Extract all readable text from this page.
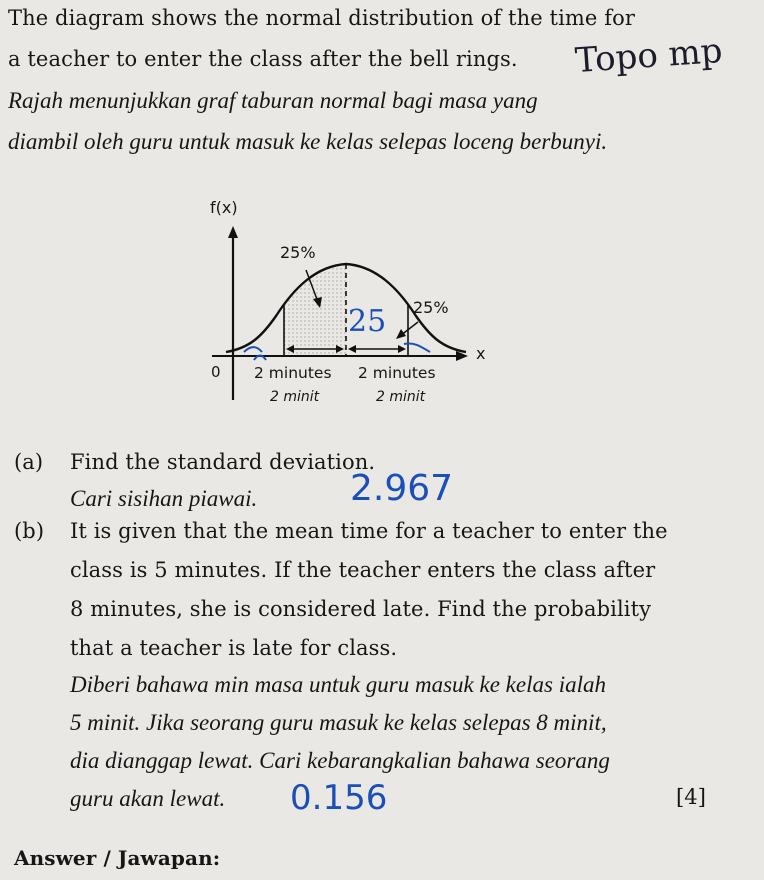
The diagram shows the normal distribution of the time for
a teacher to enter the class after the bell rings.
Rajah menunjukkan graf taburan normal bagi masa yang
diambil oleh guru untuk masuk ke kelas selepas loceng berbunyi.
Topo mp
f(x)
x
0
25%
25%
2 minutes 2 minutes
2 minit	2 minit
25
(a) Find the standard deviation.
Cari sisihan piawai.	2.967
(b) It is given that the mean time for a teacher to enter the
class is 5 minutes. If the teacher enters the class after
8 minutes, she is considered late. Find the probability
that a teacher is late for class.
Diberi bahawa min masa untuk guru masuk ke kelas ialah
5 minit. Jika seorang guru masuk ke kelas selepas 8 minit,
dia dianggap lewat. Cari kebarangkalian bahawa seorang
guru akan lewat. 0.156	[4]
Answer / Jawapan:
